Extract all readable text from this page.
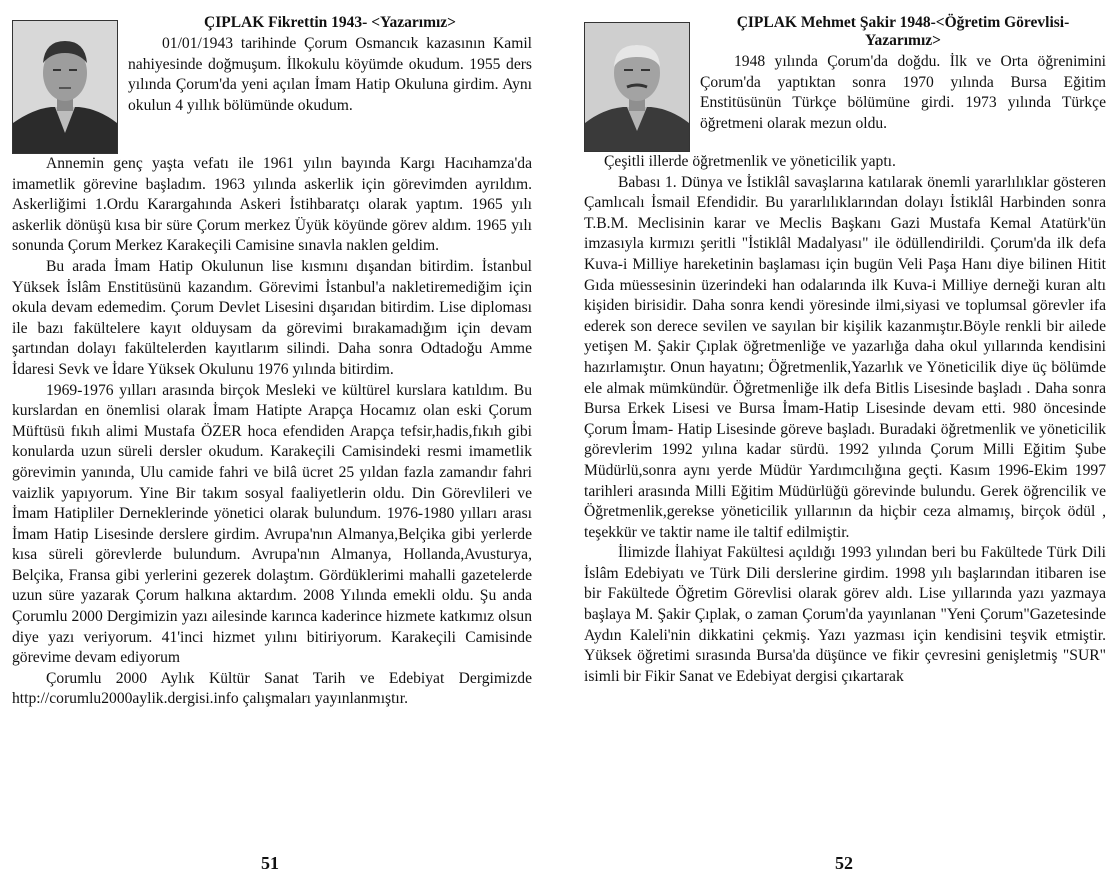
ÇIPLAK Fikrettin 1943- <Yazarımız>

01/01/1943 tarihinde Çorum Osmancık kazasının Kamil nahiyesinde doğmuşum. İlkokulu köyümde okudum. 1955 ders yılında Çorum'da yeni açılan İmam Hatip Okuluna girdim. Aynı okulun 4 yıllık bölümünde okudum.

Annemin genç yaşta vefatı ile 1961 yılın bayında Kargı Hacıhamza'da imametlik görevine başladım. 1963 yılında askerlik için görevimden ayrıldım. Askerliğimi 1.Ordu Karargahında Askeri İstihbaratçı olarak yaptım. 1965 yılı askerlik dönüşü kısa bir süre Çorum merkez Üyük köyünde görev aldım. 1965 yılı sonunda Çorum Merkez Karakeçili Camisine sınavla naklen geldim.

Bu arada İmam Hatip Okulunun lise kısmını dışandan bitirdim. İstanbul Yüksek İslâm Enstitüsünü kazandım. Görevimi İstanbul'a nakletiremediğim için okula devam edemedim. Çorum Devlet Lisesini dışarıdan bitirdim. Lise diploması ile bazı fakültelere kayıt olduysam da görevimi bırakamadığım için devam şartından dolayı fakültelerden kayıtlarım silindi. Daha sonra Odtadoğu Amme İdaresi Sevk ve İdare Yüksek Okulunu 1976 yılında bitirdim.

1969-1976 yılları arasında birçok Mesleki ve kültürel kurslara katıldım. Bu kurslardan en önemlisi olarak İmam Hatipte Arapça Hocamız olan eski Çorum Müftüsü fıkıh alimi Mustafa ÖZER hoca efendiden Arapça tefsir,hadis,fıkıh gibi konularda uzun süreli dersler okudum. Karakeçili Camisindeki resmi imametlik görevimin yanında, Ulu camide fahri ve bilâ ücret 25 yıldan fazla zamandır fahri vaizlik yapıyorum. Yine Bir takım sosyal faaliyetlerin oldu. Din Görevlileri ve İmam Hatipliler Derneklerinde yönetici olarak bulundum. 1976-1980 yılları arası İmam Hatip Lisesinde derslere girdim. Avrupa'nın Almanya,Belçika gibi yerlerde kısa süreli görevlerde bulundum. Avrupa'nın Almanya, Hollanda,Avusturya, Belçika, Fransa gibi yerlerini gezerek dolaştım. Gördüklerimi mahalli gazetelerde uzun süre yazarak Çorum halkına aktardım. 2008 Yılında emekli oldu. Şu anda Çorumlu 2000 Dergimizin yazı ailesinde karınca kaderince hizmete katkımız olsun diye yazı veriyorum. 41'inci hizmet yılını bitiriyorum. Karakeçili Camisinde görevime devam ediyorum

Çorumlu 2000 Aylık Kültür Sanat Tarih ve Edebiyat Dergimizde http://corumlu2000aylik.dergisi.info çalışmaları yayınlanmıştır.

51
ÇIPLAK Mehmet Şakir 1948-<Öğretim Görevlisi-Yazarımız>

1948 yılında Çorum'da doğdu. İlk ve Orta öğrenimini Çorum'da yaptıktan sonra 1970 yılında Bursa Eğitim Enstitüsünün Türkçe bölümüne girdi. 1973 yılında Türkçe öğretmeni olarak mezun oldu.

Çeşitli illerde öğretmenlik ve yöneticilik yaptı.

Babası 1. Dünya ve İstiklâl savaşlarına katılarak önemli yararlılıklar gösteren Çamlıcalı İsmail Efendidir. Bu yararlılıklarından dolayı İstiklâl Harbinden sonra T.B.M. Meclisinin karar ve Meclis Başkanı Gazi Mustafa Kemal Atatürk'ün imzasıyla kırmızı şeritli "İstiklâl Madalyası" ile ödüllendirildi. Çorum'da ilk defa Kuva-i Milliye hareketinin başlaması için bugün Veli Paşa Hanı diye bilinen Hitit Gıda müessesinin üzerindeki han odalarında ilk Kuva-i Milliye derneği kuran altı kişiden birisidir. Daha sonra kendi yöresinde ilmi,siyasi ve toplumsal görevler ifa ederek son derece sevilen ve sayılan bir kişilik kazanmıştır.Böyle renkli bir ailede yetişen M. Şakir Çıplak öğretmenliğe ve yazarlığa daha okul yıllarında kendisini hazırlamıştır. Onun hayatını; Öğretmenlik,Yazarlık ve Yöneticilik diye üç bölümde ele almak mümkündür. Öğretmenliğe ilk defa Bitlis Lisesinde başladı . Daha sonra Bursa Erkek Lisesi ve Bursa İmam-Hatip Lisesinde devam etti. 980 öncesinde Çorum İmam- Hatip Lisesinde göreve başladı. Buradaki öğretmenlik ve yöneticilik görevlerim 1992 yılına kadar sürdü. 1992 yılında Çorum Milli Eğitim Şube Müdürlü,sonra aynı yerde Müdür Yardımcılığına geçti. Kasım 1996-Ekim 1997 tarihleri arasında Milli Eğitim Müdürlüğü görevinde bulundu. Gerek öğrencilik ve Öğretmenlik,gerekse yöneticilik yıllarının da hiçbir ceza almamış, birçok ödül , teşekkür ve taktir name ile taltif edilmiştir.

İlimizde İlahiyat Fakültesi açıldığı 1993 yılından beri bu Fakültede Türk Dili İslâm Edebiyatı ve Türk Dili derslerine girdim. 1998 yılı başlarından itibaren ise bir Fakültede Öğretim Görevlisi olarak görev aldı. Lise yıllarında yazı yazmaya başlaya M. Şakir Çıplak, o zaman Çorum'da yayınlanan "Yeni Çorum"Gazetesinde Aydın Kaleli'nin dikkatini çekmiş. Yazı yazması için kendisini teşvik etmiştir. Yüksek öğretimi sırasında Bursa'da düşünce ve fikir çevresini genişletmiş "SUR" isimli bir Fikir Sanat ve Edebiyat dergisi çıkartarak

52
